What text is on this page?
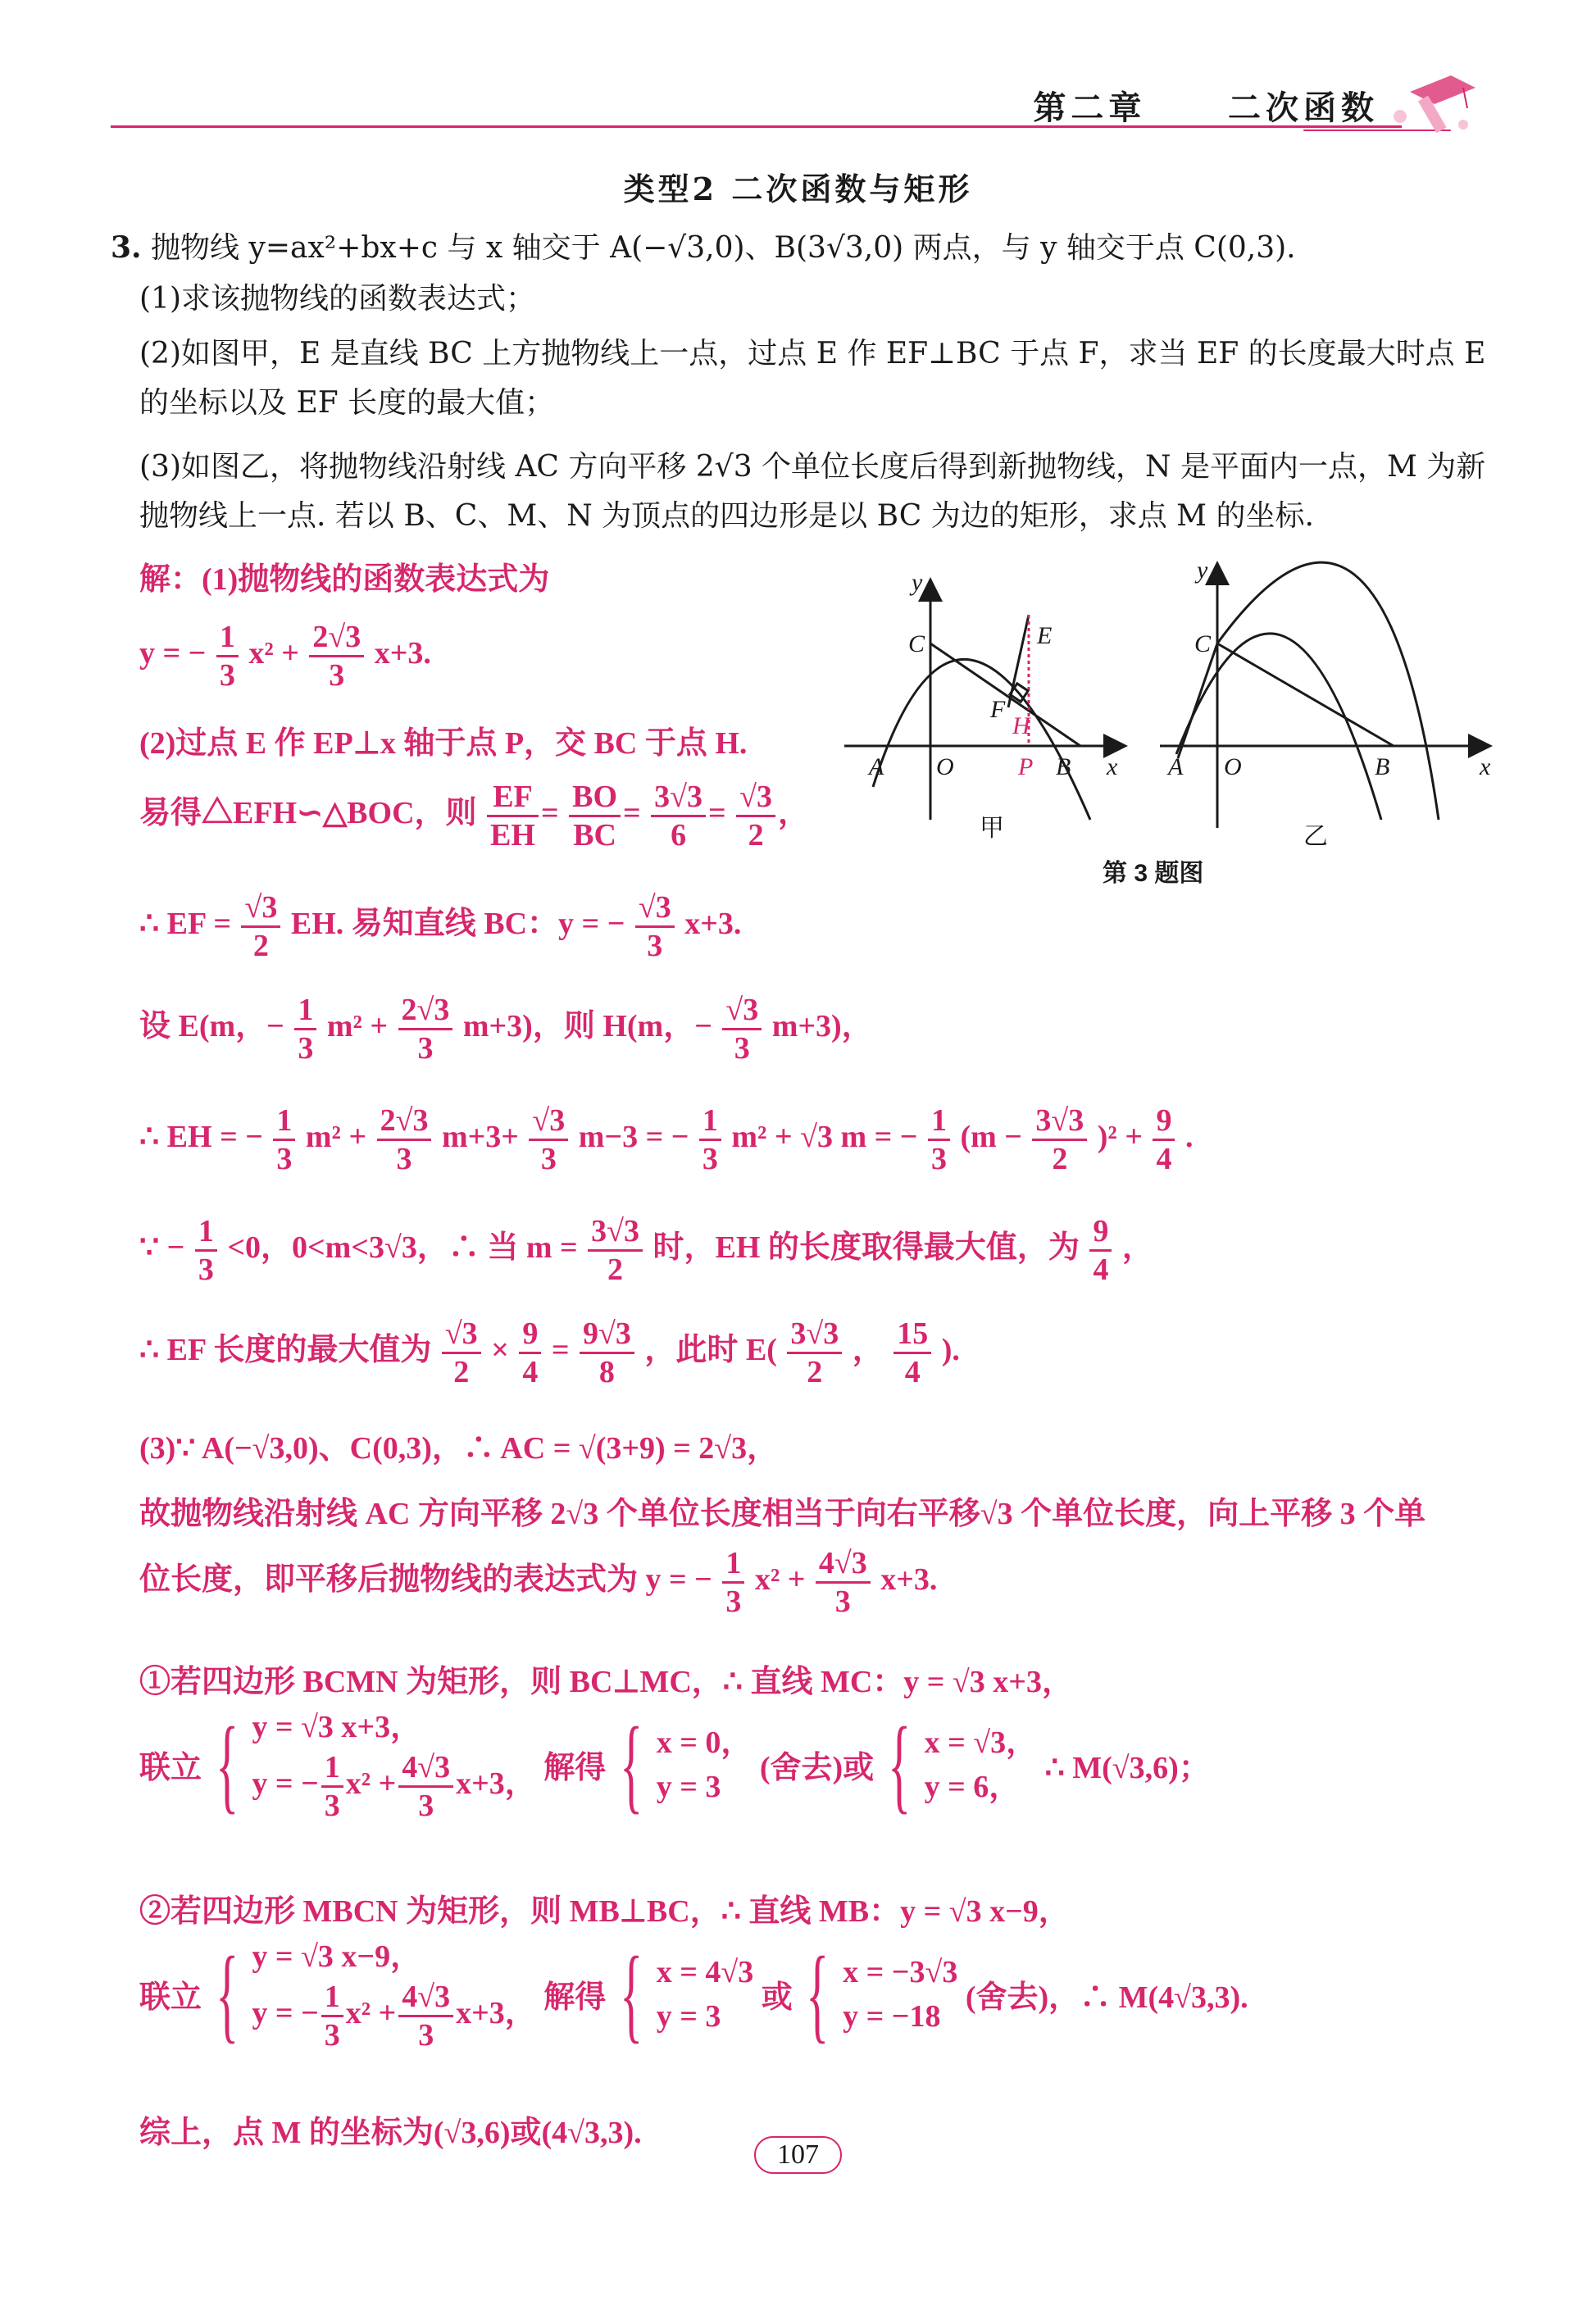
第二章 二次函数
类型2 二次函数与矩形
3. 抛物线 y=ax²+bx+c 与 x 轴交于 A(−√3,0)、B(3√3,0) 两点，与 y 轴交于点 C(0,3).
(1)求该抛物线的函数表达式；
(2)如图甲，E 是直线 BC 上方抛物线上一点，过点 E 作 EF⊥BC 于点 F，求当 EF 的长度最大时点 E 的坐标以及 EF 长度的最大值；
(3)如图乙，将抛物线沿射线 AC 方向平移 2√3 个单位长度后得到新抛物线，N 是平面内一点，M 为新抛物线上一点. 若以 B、C、M、N 为顶点的四边形是以 BC 为边的矩形，求点 M 的坐标.
解：(1)抛物线的函数表达式为
y = − $\frac{1}{3} x^2 + \frac{2√3}{3} x+3$.
(2)过点 E 作 EP⊥x 轴于点 P，交 BC 于点 H.
易得△EFH∽△BOC，则 $\frac{EF}{EH} = \frac{BO}{BC} = \frac{3√3}{6} = \frac{√3}{2}$ ，
∴ EF = $\frac{√3}{2}$ EH. 易知直线 BC：y = − $\frac{√3}{3} x+3$.
设 E(m，− $\frac{1}{3} m^2 + \frac{2√3}{3} m+3$)，则 H(m，− $\frac{√3}{3} m+3$)，
∴ EH = − $\frac{1}{3} m^2 + \frac{2√3}{3} m+3+ \frac{√3}{3} m-3$ = − $\frac{1}{3} m^2 + √3$ m = − $\frac{1}{3} (m - \frac{3√3}{2} )^2 + \frac{9}{4}$ .
∵ − $\frac{1}{3} <0$，0<m<3√3，∴ 当 $m = \frac{3√3}{2}$ 时，EH 的长度取得最大值，为 $\frac{9}{4}$ ，
∴ EF 长度的最大值为 $\frac{√3}{2} \times \frac{9}{4} = \frac{9√3}{8}$ ，此时 $E( \frac{3√3}{2}$ ， $\frac{15}{4}$ ).
(3)∵ A(−√3,0)、C(0,3)，∴ AC = √(3+9) = 2√3，
故抛物线沿射线 AC 方向平移 2√3 个单位长度相当于向右平移√3 个单位长度，向上平移 3 个单
位长度，即平移后抛物线的表达式为 y = − $\frac{1}{3} x^2 + \frac{4√3}{3} x+3$.
①若四边形 BCMN 为矩形，则 BC⊥MC，∴ 直线 MC：y = √3 x+3，
联立 { y = √3 x+3，
y = − $\frac{1}{3} x^2 + \frac{4√3}{3} x+3$， 解得 { x = 0，
y = 3
(舍去)或 { x = √3，
y = 6，
∴ M(√3,6)；
②若四边形 MBCN 为矩形，则 MB⊥BC，∴ 直线 MB：y = √3 x−9，
联立 { y = √3 x−9，
y = − $\frac{1}{3} x^2 + \frac{4√3}{3} x+3$， 解得 { x = 4√3
y = 3
或 { x = −3√3
y = −18
(舍去)，∴ M(4√3,3).
综上，点 M 的坐标为(√3,6)或(4√3,3).
y
C	E
F
H
A O	P B x
甲
y
C
A O	B	x
乙
第 3 题图
107
